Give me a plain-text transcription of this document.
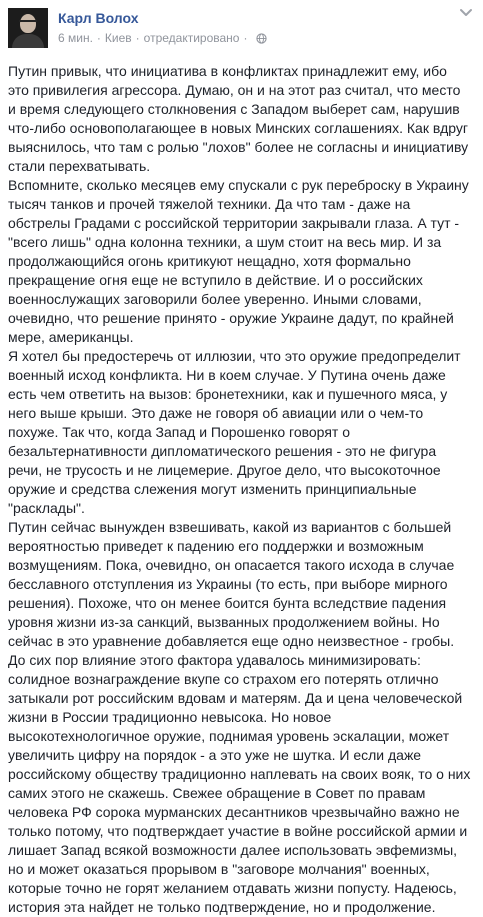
Карл Волох
6 мин. · Киев · отредактировано ·

Путин привык, что инициатива в конфликтах принадлежит ему, ибо это привилегия агрессора. Думаю, он и на этот раз считал, что место и время следующего столкновения с Западом выберет сам, нарушив что-либо основополагающее в новых Минских соглашениях. Как вдруг выяснилось, что там с ролью "лохов" более не согласны и инициативу стали перехватывать.

Вспомните, сколько месяцев ему спускали с рук переброску в Украину тысяч танков и прочей тяжелой техники. Да что там - даже на обстрелы Градами с российской территории закрывали глаза. А тут - "всего лишь" одна колонна техники, а шум стоит на весь мир. И за продолжающийся огонь критикуют нещадно, хотя формально прекращение огня еще не вступило в действие. И о российских военнослужащих заговорили более уверенно. Иными словами, очевидно, что решение принято - оружие Украине дадут, по крайней мере, американцы.

Я хотел бы предостеречь от иллюзии, что это оружие предопределит военный исход конфликта. Ни в коем случае. У Путина очень даже есть чем ответить на вызов: бронетехники, как и пушечного мяса, у него выше крыши. Это даже не говоря об авиации или о чем-то похуже. Так что, когда Запад и Порошенко говорят о безальтернативности дипломатического решения - это не фигура речи, не трусость и не лицемерие. Другое дело, что высокоточное оружие и средства слежения могут изменить принципиальные "расклады".

Путин сейчас вынужден взвешивать, какой из вариантов с большей вероятностью приведет к падению его поддержки и возможным возмущениям. Пока, очевидно, он опасается такого исхода в случае бесславного отступления из Украины (то есть, при выборе мирного решения). Похоже, что он менее боится бунта вследствие падения уровня жизни из-за санкций, вызванных продолжением войны. Но сейчас в это уравнение добавляется еще одно неизвестное - гробы. До сих пор влияние этого фактора удавалось минимизировать: солидное вознаграждение вкупе со страхом его потерять отлично затыкали рот российским вдовам и матерям. Да и цена человеческой жизни в России традиционно невысока. Но новое высокотехнологичное оружие, поднимая уровень эскалации, может увеличить цифру на порядок - а это уже не шутка. И если даже российскому обществу традиционно наплевать на своих вояк, то о них самих этого не скажешь. Свежее обращение в Совет по правам человека РФ сорока мурманских десантников чрезвычайно важно не только потому, что подтверждает участие в войне российской армии и лишает Запад всякой возможности далее использовать эвфемизмы, но и может оказаться прорывом в "заговоре молчания" военных, которые точно не горят желанием отдавать жизни попусту. Надеюсь, история эта найдет не только подтверждение, но и продолжение.
